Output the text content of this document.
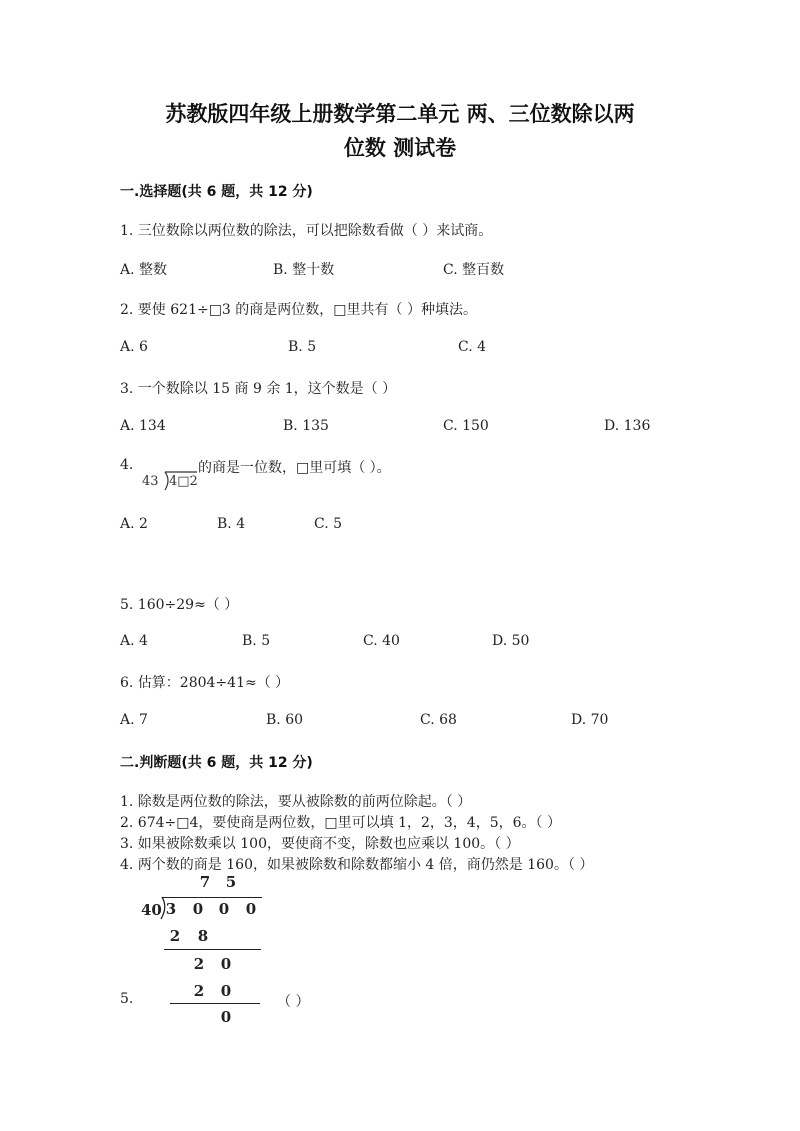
苏教版四年级上册数学第二单元 两、三位数除以两
位数 测试卷
一.选择题(共 6 题，共 12 分)
1. 三位数除以两位数的除法，可以把除数看做（ ）来试商。
A. 整数	B. 整十数	C. 整百数
2. 要使 621÷□3 的商是两位数，□里共有（ ）种填法。
A. 6	B. 5	C. 4
3. 一个数除以 15 商 9 余 1，这个数是（ ）
A. 134	B. 135	C. 150	D. 136
4.
43 4□2
的商是一位数，□里可填（ ）。
A. 2	B. 4	C. 5
5. 160÷29≈（ ）
A. 4	B. 5	C. 40	D. 50
6. 估算：2804÷41≈（ ）
A. 7	B. 60	C. 68	D. 70
二.判断题(共 6 题，共 12 分)
1. 除数是两位数的除法，要从被除数的前两位除起。（ ）
2. 674÷□4，要使商是两位数，□里可以填 1，2，3，4，5，6。（ ）
3. 如果被除数乘以 100，要使商不变，除数也应乘以 100。（ ）
4. 两个数的商是 160，如果被除数和除数都缩小 4 倍，商仍然是 160。（ ）
7 5
40 3 0 0 0
2 8
2 0
2 0
0
5.	（ ）
